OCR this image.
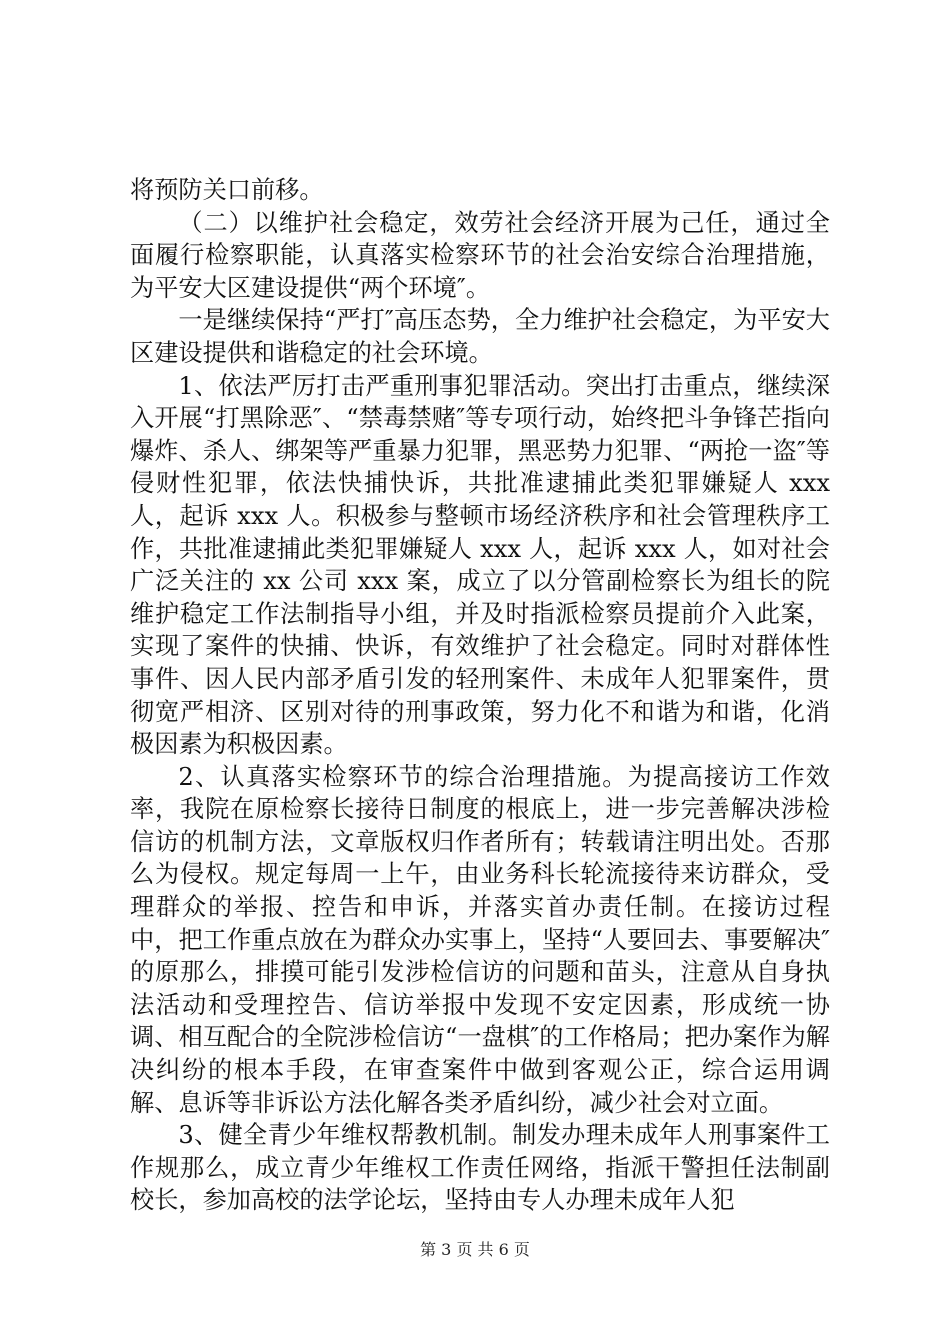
将预防关口前移。

（二）以维护社会稳定，效劳社会经济开展为己任，通过全面履行检察职能，认真落实检察环节的社会治安综合治理措施，为平安大区建设提供“两个环境″。

一是继续保持“严打″高压态势，全力维护社会稳定，为平安大区建设提供和谐稳定的社会环境。

1、依法严厉打击严重刑事犯罪活动。突出打击重点，继续深入开展“打黑除恶″、“禁毒禁赌″等专项行动，始终把斗争锋芒指向爆炸、杀人、绑架等严重暴力犯罪，黑恶势力犯罪、“两抢一盗″等侵财性犯罪，依法快捕快诉，共批准逮捕此类犯罪嫌疑人 xxx 人，起诉 xxx 人。积极参与整顿市场经济秩序和社会管理秩序工作，共批准逮捕此类犯罪嫌疑人 xxx 人，起诉 xxx 人，如对社会广泛关注的 xx 公司 xxx 案，成立了以分管副检察长为组长的院维护稳定工作法制指导小组，并及时指派检察员提前介入此案，实现了案件的快捕、快诉，有效维护了社会稳定。同时对群体性事件、因人民内部矛盾引发的轻刑案件、未成年人犯罪案件，贯彻宽严相济、区别对待的刑事政策，努力化不和谐为和谐，化消极因素为积极因素。

2、认真落实检察环节的综合治理措施。为提高接访工作效率，我院在原检察长接待日制度的根底上，进一步完善解决涉检信访的机制方法，文章版权归作者所有；转载请注明出处。否那么为侵权。规定每周一上午，由业务科长轮流接待来访群众，受理群众的举报、控告和申诉，并落实首办责任制。在接访过程中，把工作重点放在为群众办实事上，坚持“人要回去、事要解决″的原那么，排摸可能引发涉检信访的问题和苗头，注意从自身执法活动和受理控告、信访举报中发现不安定因素，形成统一协调、相互配合的全院涉检信访“一盘棋″的工作格局；把办案作为解决纠纷的根本手段，在审查案件中做到客观公正，综合运用调解、息诉等非诉讼方法化解各类矛盾纠纷，减少社会对立面。

3、健全青少年维权帮教机制。制发办理未成年人刑事案件工作规那么，成立青少年维权工作责任网络，指派干警担任法制副校长，参加高校的法学论坛，坚持由专人办理未成年人犯

第 3 页 共 6 页
